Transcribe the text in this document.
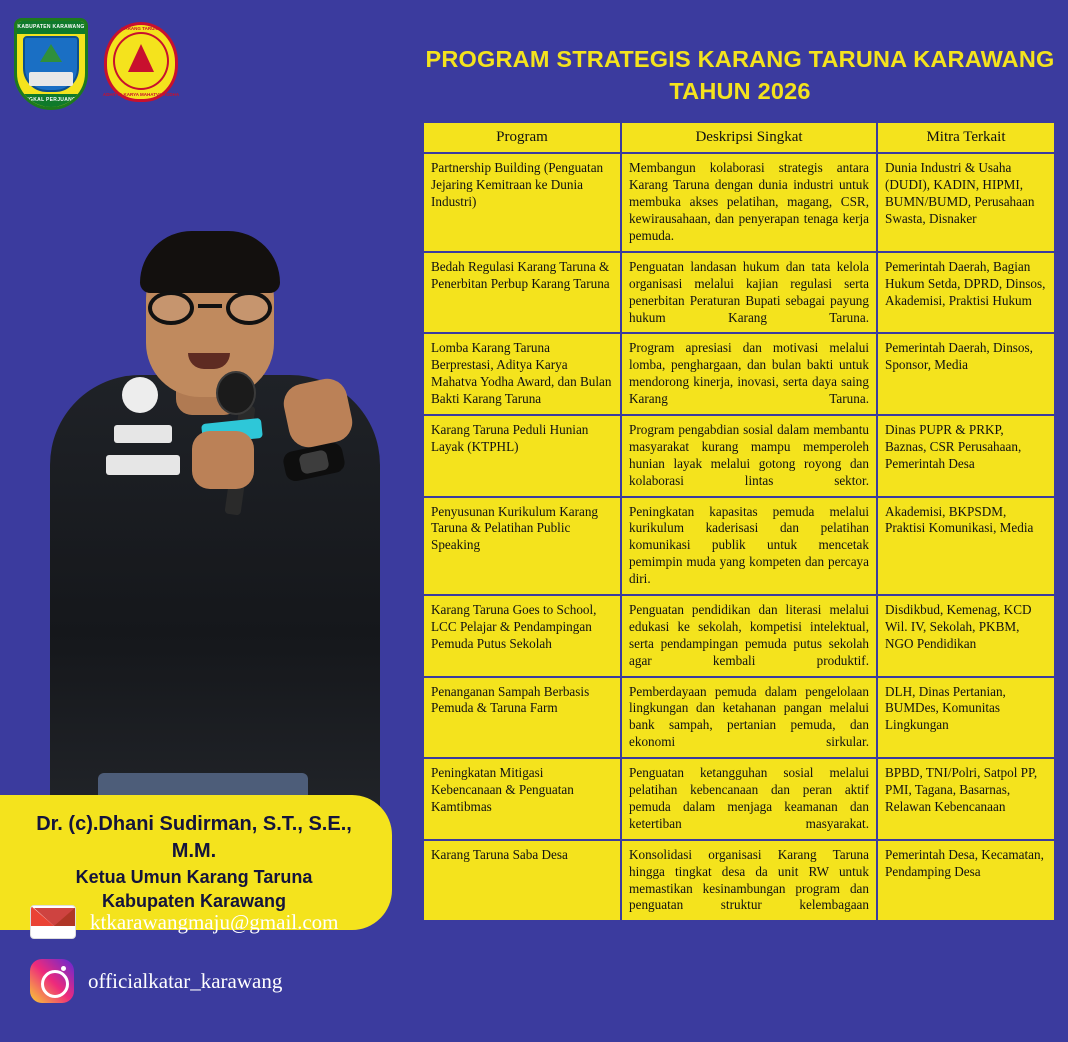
KABUPATEN KARAWANG
PANGKAL PERJUANGAN
KARANG TARUNA
ADHITYA KARYA MAHATVA YODHA
Dr. (c).Dhani Sudirman, S.T., S.E., M.M.
Ketua Umun Karang Taruna
Kabupaten Karawang
ktkarawangmaju@gmail.com
officialkatar_karawang
PROGRAM STRATEGIS KARANG TARUNA KARAWANG
TAHUN 2026
Program	Deskripsi Singkat	Mitra Terkait
Partnership Building (Penguatan Jejaring Kemitraan ke Dunia Industri)	Membangun kolaborasi strategis antara Karang Taruna dengan dunia industri untuk membuka akses pelatihan, magang, CSR, kewirausahaan, dan penyerapan tenaga kerja pemuda.	Dunia Industri & Usaha (DUDI), KADIN, HIPMI, BUMN/BUMD, Perusahaan Swasta, Disnaker
Bedah Regulasi Karang Taruna & Penerbitan Perbup Karang Taruna	Penguatan landasan hukum dan tata kelola organisasi melalui kajian regulasi serta penerbitan Peraturan Bupati sebagai payung hukum Karang Taruna.	Pemerintah Daerah, Bagian Hukum Setda, DPRD, Dinsos, Akademisi, Praktisi Hukum
Lomba Karang Taruna Berprestasi, Aditya Karya Mahatva Yodha Award, dan Bulan Bakti Karang Taruna	Program apresiasi dan motivasi melalui lomba, penghargaan, dan bulan bakti untuk mendorong kinerja, inovasi, serta daya saing Karang Taruna.	Pemerintah Daerah, Dinsos, Sponsor, Media
Karang Taruna Peduli Hunian Layak (KTPHL)	Program pengabdian sosial dalam membantu masyarakat kurang mampu memperoleh hunian layak melalui gotong royong dan kolaborasi lintas sektor.	Dinas PUPR & PRKP, Baznas, CSR Perusahaan, Pemerintah Desa
Penyusunan Kurikulum Karang Taruna & Pelatihan Public Speaking	Peningkatan kapasitas pemuda melalui kurikulum kaderisasi dan pelatihan komunikasi publik untuk mencetak pemimpin muda yang kompeten dan percaya diri.	Akademisi, BKPSDM, Praktisi Komunikasi, Media
Karang Taruna Goes to School, LCC Pelajar & Pendampingan Pemuda Putus Sekolah	Penguatan pendidikan dan literasi melalui edukasi ke sekolah, kompetisi intelektual, serta pendampingan pemuda putus sekolah agar kembali produktif.	Disdikbud, Kemenag, KCD Wil. IV, Sekolah, PKBM, NGO Pendidikan
Penanganan Sampah Berbasis Pemuda & Taruna Farm	Pemberdayaan pemuda dalam pengelolaan lingkungan dan ketahanan pangan melalui bank sampah, pertanian pemuda, dan ekonomi sirkular.	DLH, Dinas Pertanian, BUMDes, Komunitas Lingkungan
Peningkatan Mitigasi Kebencanaan & Penguatan Kamtibmas	Penguatan ketangguhan sosial melalui pelatihan kebencanaan dan peran aktif pemuda dalam menjaga keamanan dan ketertiban masyarakat.	BPBD, TNI/Polri, Satpol PP, PMI, Tagana, Basarnas, Relawan Kebencanaan
Karang Taruna Saba Desa	Konsolidasi organisasi Karang Taruna hingga tingkat desa da unit RW untuk memastikan kesinambungan program dan penguatan struktur kelembagaan	Pemerintah Desa, Kecamatan, Pendamping Desa
